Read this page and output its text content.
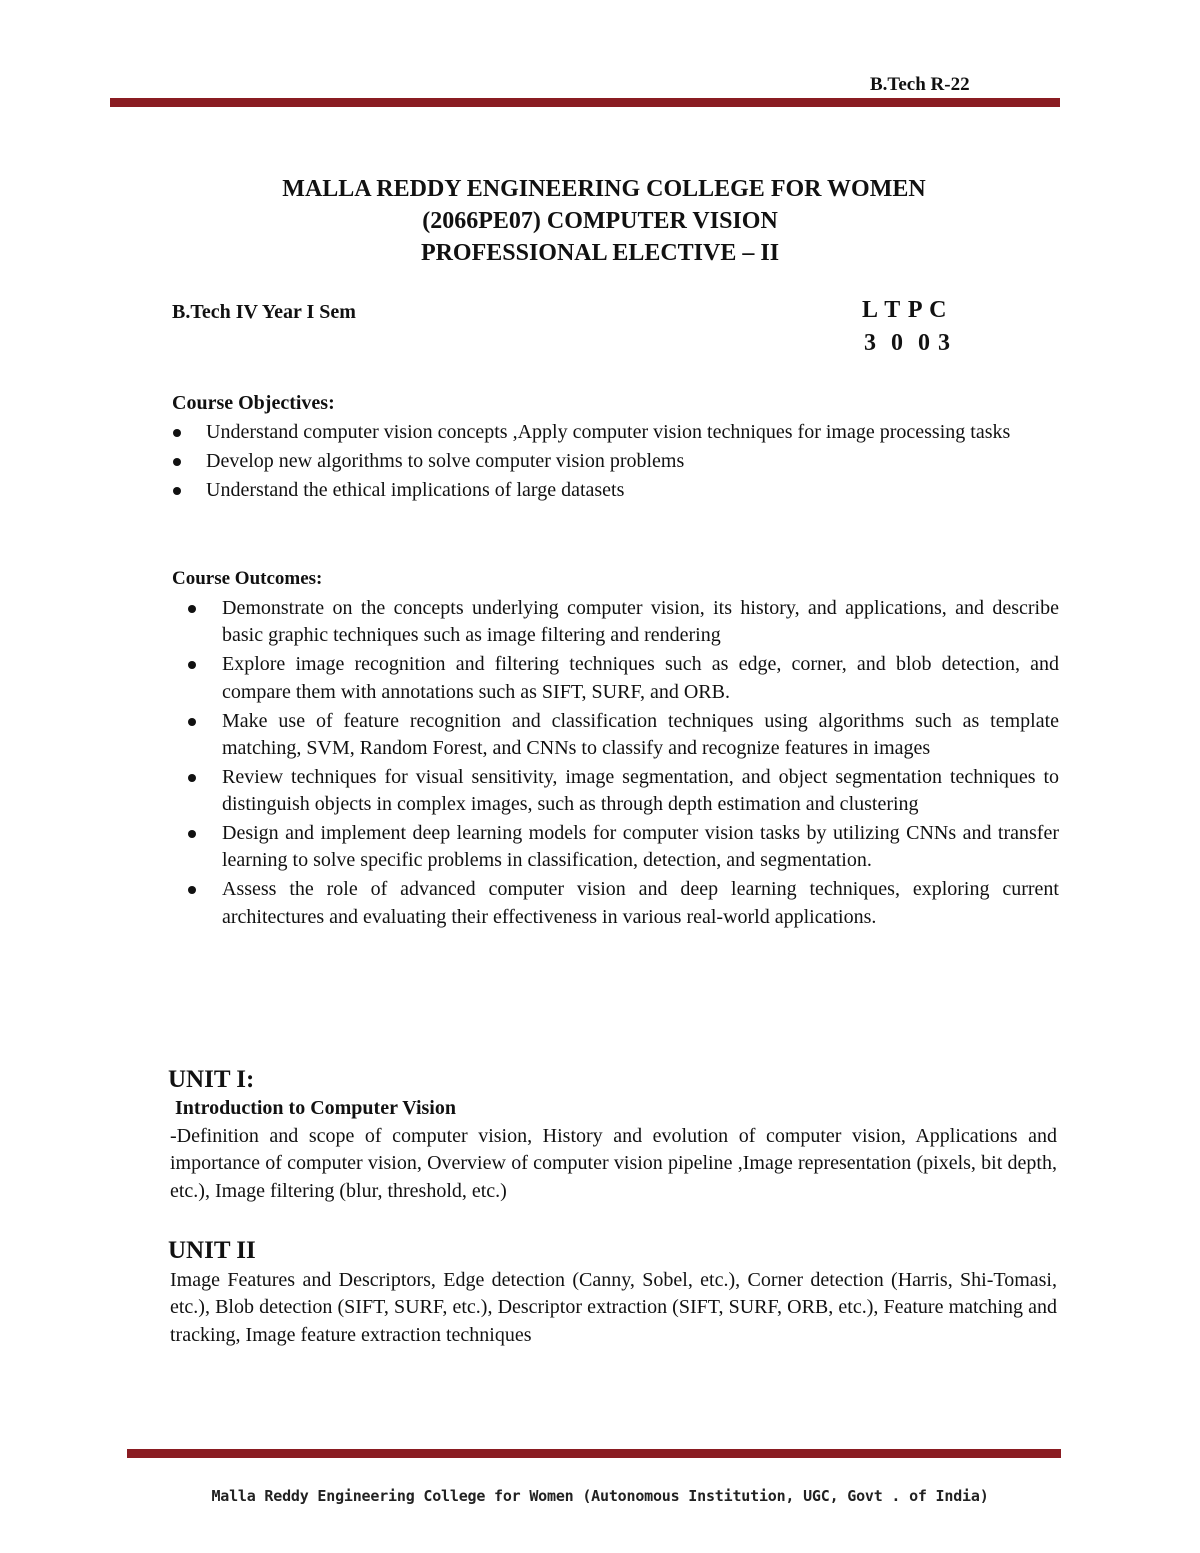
B.Tech R-22
MALLA REDDY ENGINEERING COLLEGE FOR WOMEN
(2066PE07) COMPUTER VISION
PROFESSIONAL ELECTIVE – II
B.Tech IV Year I Sem	L T P C
3  0  0 3
Course Objectives:
Understand computer vision concepts ,Apply computer vision techniques for image processing tasks
Develop new algorithms to solve computer vision problems
Understand the ethical implications of large datasets
Course Outcomes:
Demonstrate on the concepts underlying computer vision, its history, and applications, and describe basic graphic techniques such as image filtering and rendering
Explore image recognition and filtering techniques such as edge, corner, and blob detection, and compare them with annotations such as SIFT, SURF, and ORB.
Make use of feature recognition and classification techniques using algorithms such as template matching, SVM, Random Forest, and CNNs to classify and recognize features in images
Review techniques for visual sensitivity, image segmentation, and object segmentation techniques to distinguish objects in complex images, such as through depth estimation and clustering
Design and implement deep learning models for computer vision tasks by utilizing CNNs and transfer learning to solve specific problems in classification, detection, and segmentation.
Assess the role of advanced computer vision and deep learning techniques, exploring current architectures and evaluating their effectiveness in various real-world applications.
UNIT I:
Introduction to Computer Vision
-Definition and scope of computer vision, History and evolution of computer vision, Applications and importance of computer vision, Overview of computer vision pipeline ,Image representation (pixels, bit depth, etc.), Image filtering (blur, threshold, etc.)
UNIT II
Image Features and Descriptors, Edge detection (Canny, Sobel, etc.), Corner detection (Harris, Shi-Tomasi, etc.), Blob detection (SIFT, SURF, etc.), Descriptor extraction (SIFT, SURF, ORB, etc.), Feature matching and tracking, Image feature extraction techniques
Malla Reddy Engineering College for Women (Autonomous Institution, UGC, Govt . of India)
